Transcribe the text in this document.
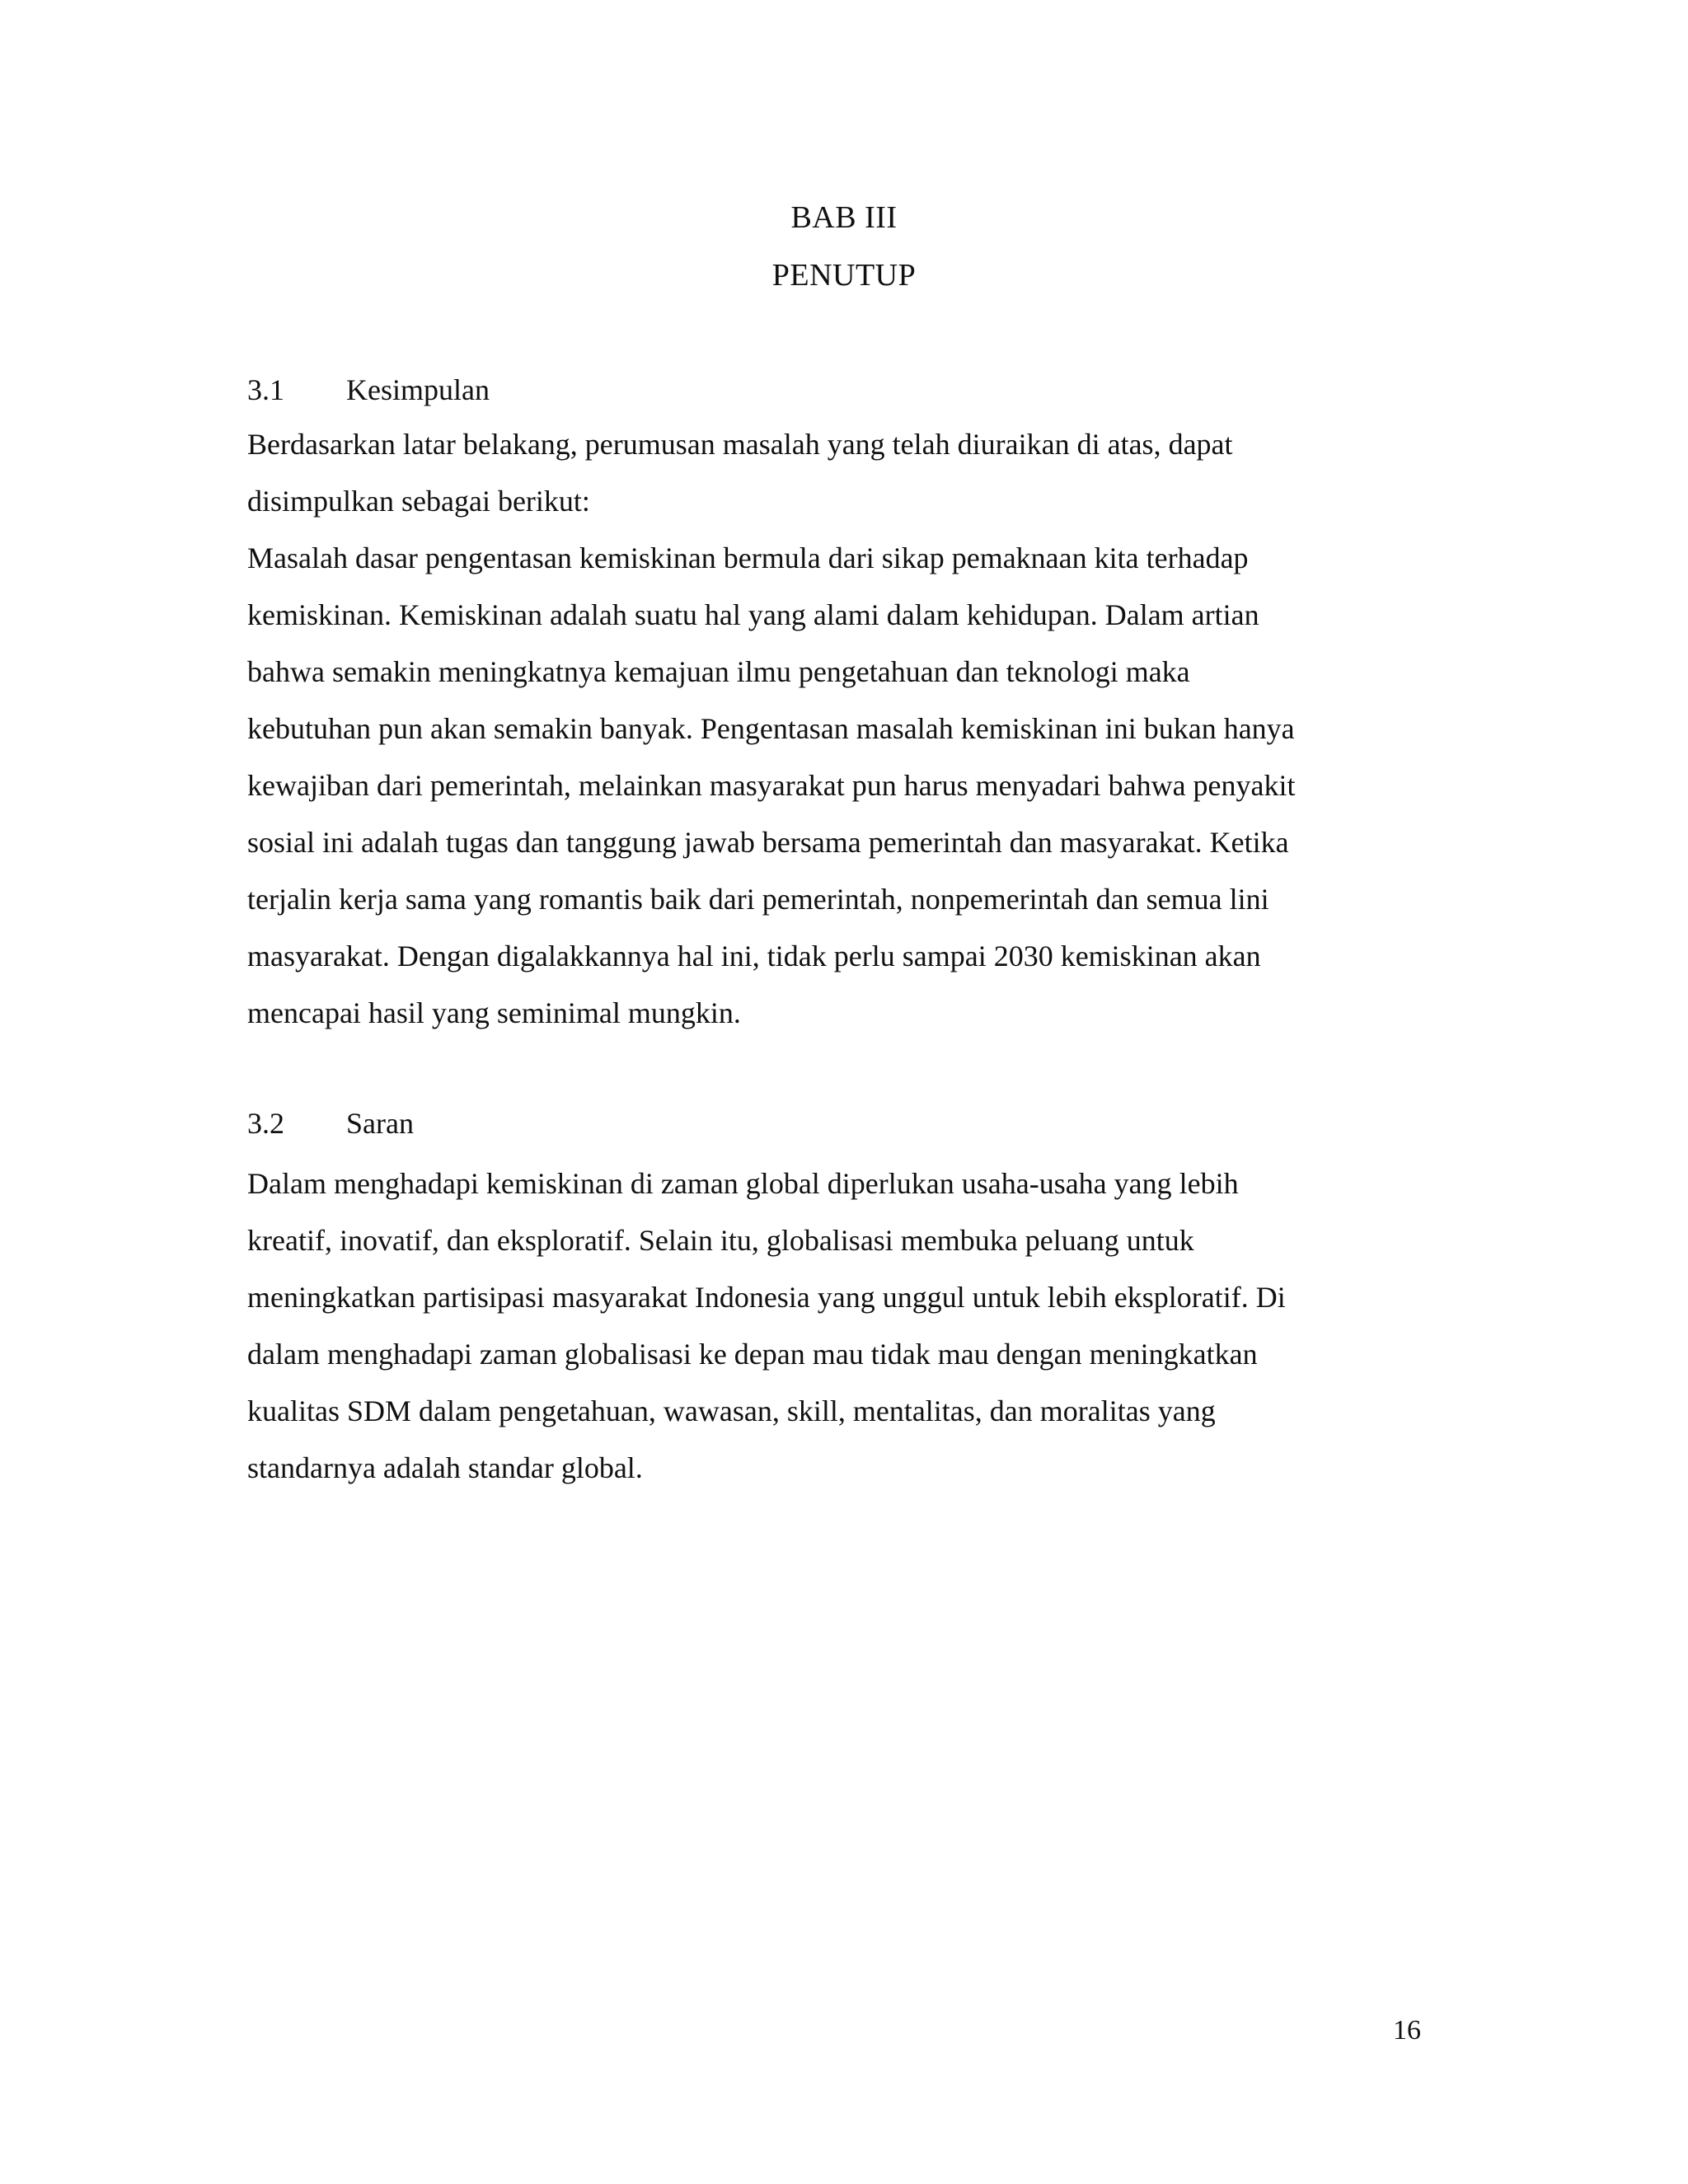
BAB III
PENUTUP
3.1 Kesimpulan

Berdasarkan latar belakang, perumusan masalah yang telah diuraikan di atas, dapat
disimpulkan sebagai berikut:

Masalah dasar pengentasan kemiskinan bermula dari sikap pemaknaan kita terhadap
kemiskinan. Kemiskinan adalah suatu hal yang alami dalam kehidupan. Dalam artian
bahwa semakin meningkatnya kemajuan ilmu pengetahuan dan teknologi maka
kebutuhan pun akan semakin banyak. Pengentasan masalah kemiskinan ini bukan hanya
kewajiban dari pemerintah, melainkan masyarakat pun harus menyadari bahwa penyakit
sosial ini adalah tugas dan tanggung jawab bersama pemerintah dan masyarakat. Ketika
terjalin kerja sama yang romantis baik dari pemerintah, nonpemerintah dan semua lini
masyarakat. Dengan digalakkannya hal ini, tidak perlu sampai 2030 kemiskinan akan
mencapai hasil yang seminimal mungkin.

3.2 Saran

Dalam menghadapi kemiskinan di zaman global diperlukan usaha-usaha yang lebih
kreatif, inovatif, dan eksploratif. Selain itu, globalisasi membuka peluang untuk
meningkatkan partisipasi masyarakat Indonesia yang unggul untuk lebih eksploratif. Di
dalam menghadapi zaman globalisasi ke depan mau tidak mau dengan meningkatkan
kualitas SDM dalam pengetahuan, wawasan, skill, mentalitas, dan moralitas yang
standarnya adalah standar global.

16
